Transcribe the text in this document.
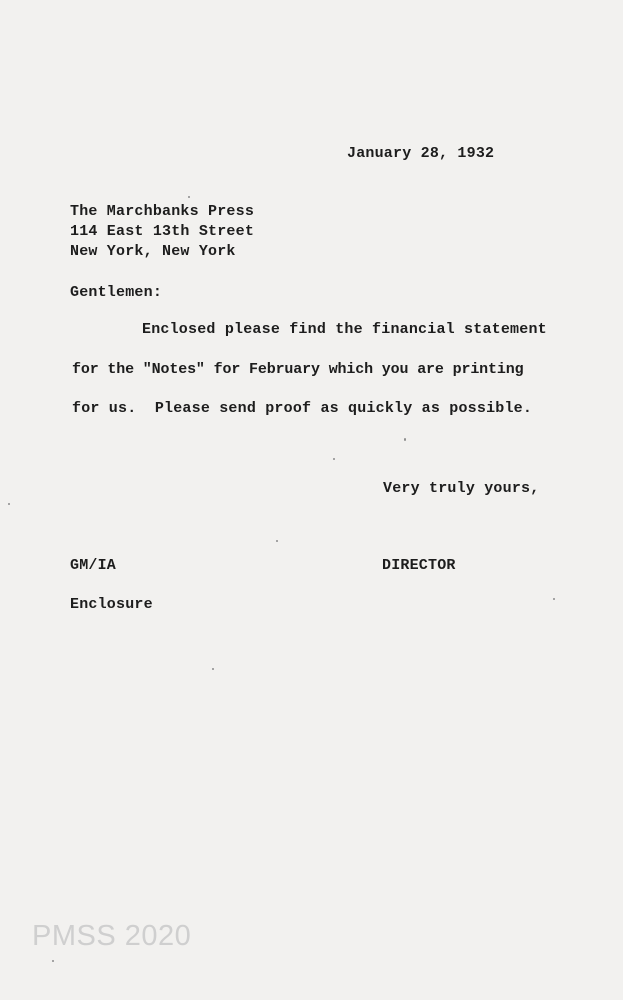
January 28, 1932
The Marchbanks Press
114 East 13th Street
New York, New York
Gentlemen:
Enclosed please find the financial statement
for the "Notes" for February which you are printing
for us.  Please send proof as quickly as possible.
Very truly yours,
GM/IA	DIRECTOR
Enclosure
PMSS 2020
